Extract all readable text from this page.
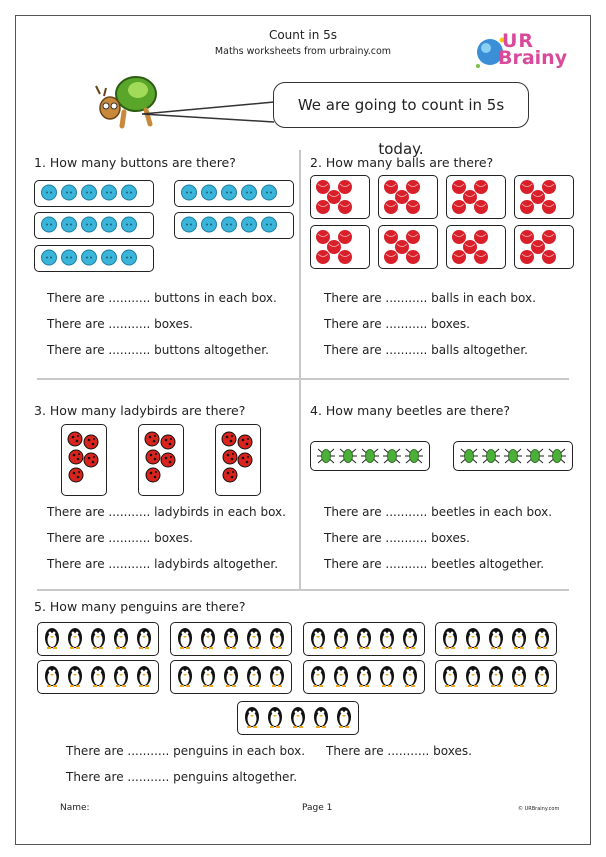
Count in 5s
Maths worksheets from urbrainy.com	UR
Brainy
We are going to count in 5s today.
1. How many buttons are there?
There are ........... buttons in each box.
There are ........... boxes.
There are ........... buttons altogether.
2. How many balls are there?
There are ........... balls in each box.
There are ........... boxes.
There are ........... balls altogether.
3. How many ladybirds are there?
There are ........... ladybirds in each box.
There are ........... boxes.
There are ........... ladybirds altogether.
4. How many beetles are there?
There are ........... beetles in each box.
There are ........... boxes.
There are ........... beetles altogether.
5. How many penguins are there?
There are ........... penguins in each box. There are ........... boxes.
There are ........... penguins altogether.
Name:	Page 1	© URBrainy.com
